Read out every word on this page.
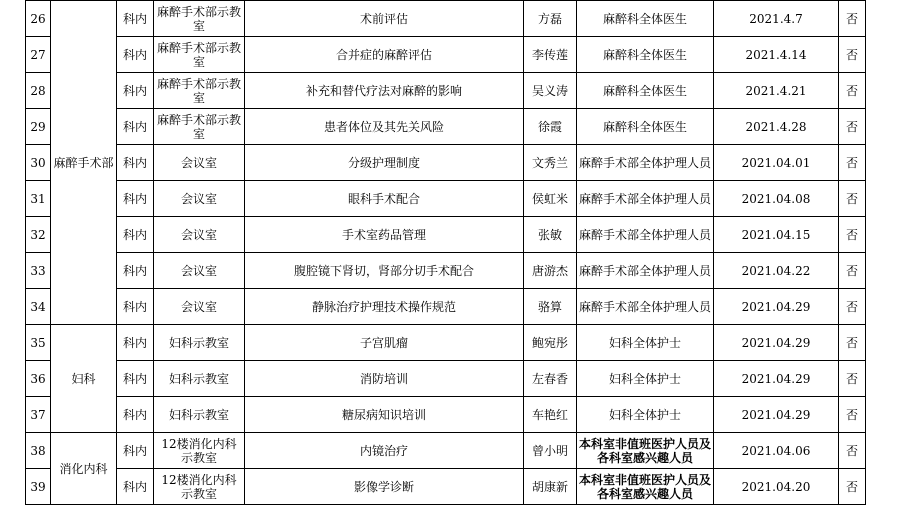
26	麻醉手术部	科内	麻醉手术部示教室	术前评估	方磊	麻醉科全体医生	2021.4.7	否
27		科内	麻醉手术部示教室	合并症的麻醉评估	李传莲	麻醉科全体医生	2021.4.14	否
28		科内	麻醉手术部示教室	补充和替代疗法对麻醉的影响	吴义涛	麻醉科全体医生	2021.4.21	否
29		科内	麻醉手术部示教室	患者体位及其先关风险	徐霞	麻醉科全体医生	2021.4.28	否
30		科内	会议室	分级护理制度	文秀兰	麻醉手术部全体护理人员	2021.04.01	否
31		科内	会议室	眼科手术配合	侯虹米	麻醉手术部全体护理人员	2021.04.08	否
32		科内	会议室	手术室药品管理	张敏	麻醉手术部全体护理人员	2021.04.15	否
33		科内	会议室	腹腔镜下肾切，肾部分切手术配合	唐游杰	麻醉手术部全体护理人员	2021.04.22	否
34		科内	会议室	静脉治疗护理技术操作规范	骆算	麻醉手术部全体护理人员	2021.04.29	否
35	妇科	科内	妇科示教室	子宫肌瘤	鲍宛彤	妇科全体护士	2021.04.29	否
36		科内	妇科示教室	消防培训	左春香	妇科全体护士	2021.04.29	否
37		科内	妇科示教室	糖尿病知识培训	车艳红	妇科全体护士	2021.04.29	否
38	消化内科	科内	12楼消化内科示教室	内镜治疗	曾小明	本科室非值班医护人员及各科室感兴趣人员	2021.04.06	否
39		科内	12楼消化内科示教室	影像学诊断	胡康新	本科室非值班医护人员及各科室感兴趣人员	2021.04.20	否
